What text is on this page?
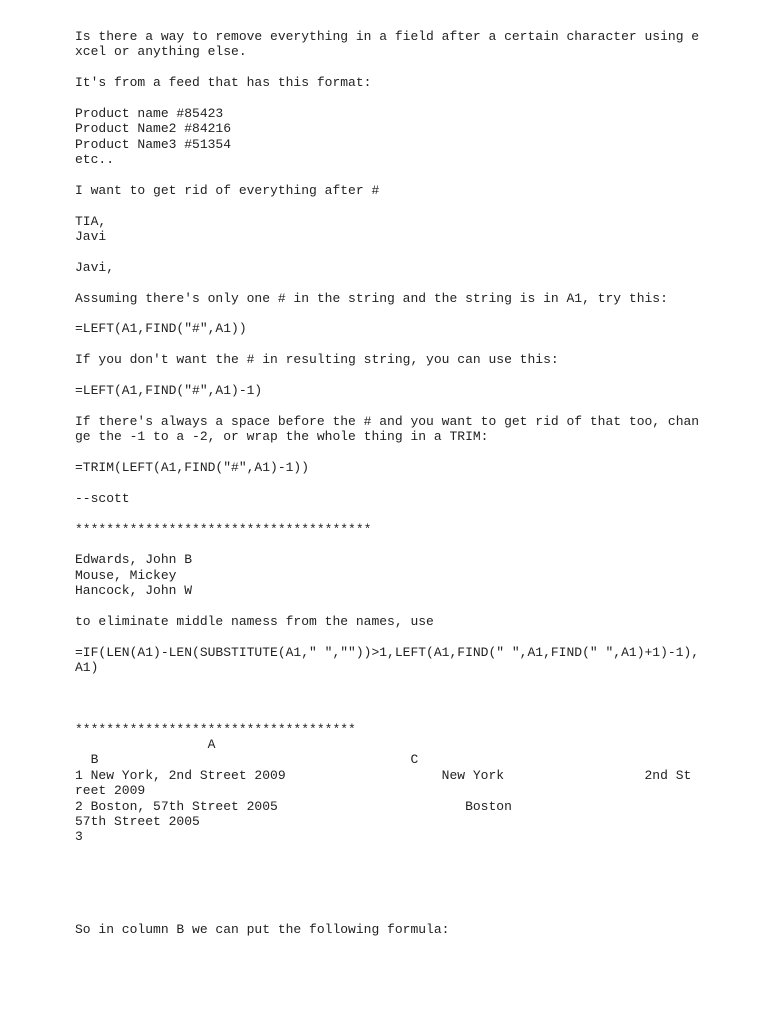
Is there a way to remove everything in a field after a certain character using e
xcel or anything else.
It's from a feed that has this format:
Product name #85423
Product Name2 #84216
Product Name3 #51354
etc..
I want to get rid of everything after #
TIA,
Javi
Javi,
Assuming there's only one # in the string and the string is in A1, try this:
=LEFT(A1,FIND("#",A1))
If you don't want the # in resulting string, you can use this:
=LEFT(A1,FIND("#",A1)-1)
If there's always a space before the # and you want to get rid of that too, chan
ge the -1 to a -2, or wrap the whole thing in a TRIM:
=TRIM(LEFT(A1,FIND("#",A1)-1))
--scott
**************************************
Edwards, John B
Mouse, Mickey
Hancock, John W
to eliminate middle namess from the names, use
=IF(LEN(A1)-LEN(SUBSTITUTE(A1," ",""))>1,LEFT(A1,FIND(" ",A1,FIND(" ",A1)+1)-1),
A1)
************************************
A
B                                        C
1 New York, 2nd Street 2009                    New York                  2nd St
reet 2009
2 Boston, 57th Street 2005                        Boston
57th Street 2005
3
So in column B we can put the following formula:
